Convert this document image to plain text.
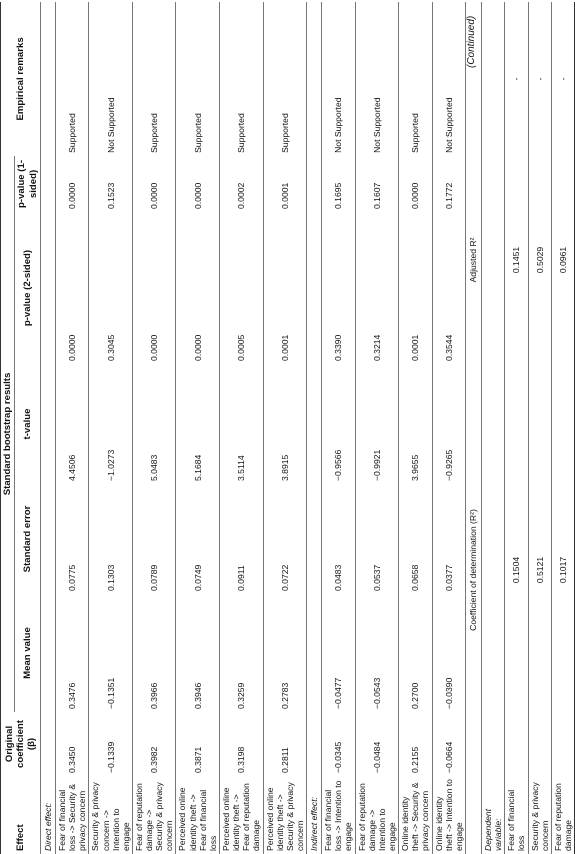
Effect	Original coefficient (β)	Standard bootstrap results						Empirical remarks
		Mean value	Standard error	t-value	p-value (2-sided)		p-value (1-sided)	
Direct effect:								
Fear of financial loss -> Security & privacy concern	0.3450	0.3476	0.0775	4.4506	0.0000		0.0000	Supported
Security & privacy concern -> Intention to engage	−0.1339	−0.1351	0.1303	−1.0273	0.3045		0.1523	Not Supported
Fear of reputation damage -> Security & privacy concern	0.3982	0.3966	0.0789	5.0483	0.0000		0.0000	Supported
Perceived online identity theft -> Fear of financial loss	0.3871	0.3946	0.0749	5.1684	0.0000		0.0000	Supported
Perceived online identity theft -> Fear of reputation damage	0.3198	0.3259	0.0911	3.5114	0.0005		0.0002	Supported
Perceived online identity theft -> Security & privacy concern	0.2811	0.2783	0.0722	3.8915	0.0001		0.0001	Supported
Indirect effect:								
Fear of financial loss -> Intention to engage	−0.0345	−0.0477	0.0483	−0.9566	0.3390		0.1695	Not Supported
Fear of reputation damage -> Intention to engage	−0.0484	−0.0543	0.0537	−0.9921	0.3214		0.1607	Not Supported
Online identity theft -> Security & privacy concern	0.2155	0.2700	0.0658	3.9655	0.0001		0.0000	Supported
Online identity theft -> Intention to engage	−0.0664	−0.0390	0.0377	−0.9265	0.3544		0.1772	Not Supported
	Coefficient of determination (R²)				Adjusted R²			
Dependent variable:								
Fear of financial loss	0.1504				0.1451			-
Security & privacy concern	0.5121				0.5029			-
Fear of reputation damage	0.1017				0.0961			-
(Continued)
